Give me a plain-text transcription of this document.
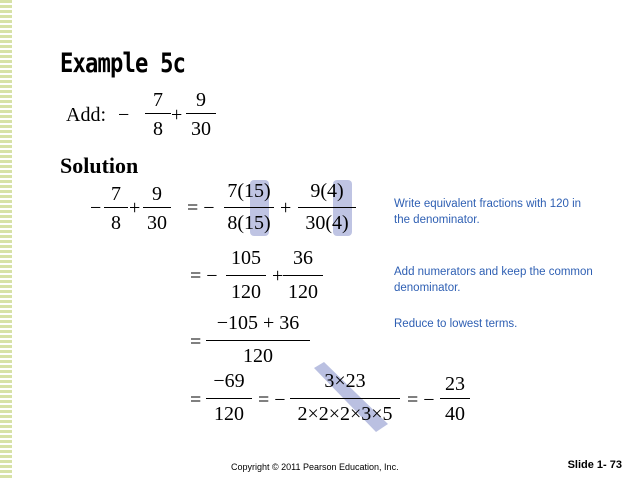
Example 5c
Add: −
7
8
+
9
30
Solution
−
7
8
+
9
30
= −
7(15)
8(15)
+
9(4)
30(4)
= −
105
120
+
36
120
=
−105 + 36
120
=
−69
120
= −
3×23
2×2×2×3×5
= −
23
40
Write equivalent fractions with 120 in the denominator.
Add numerators and keep the common denominator.
Reduce to lowest terms.
Copyright © 2011 Pearson Education, Inc.	Slide 1- 73
